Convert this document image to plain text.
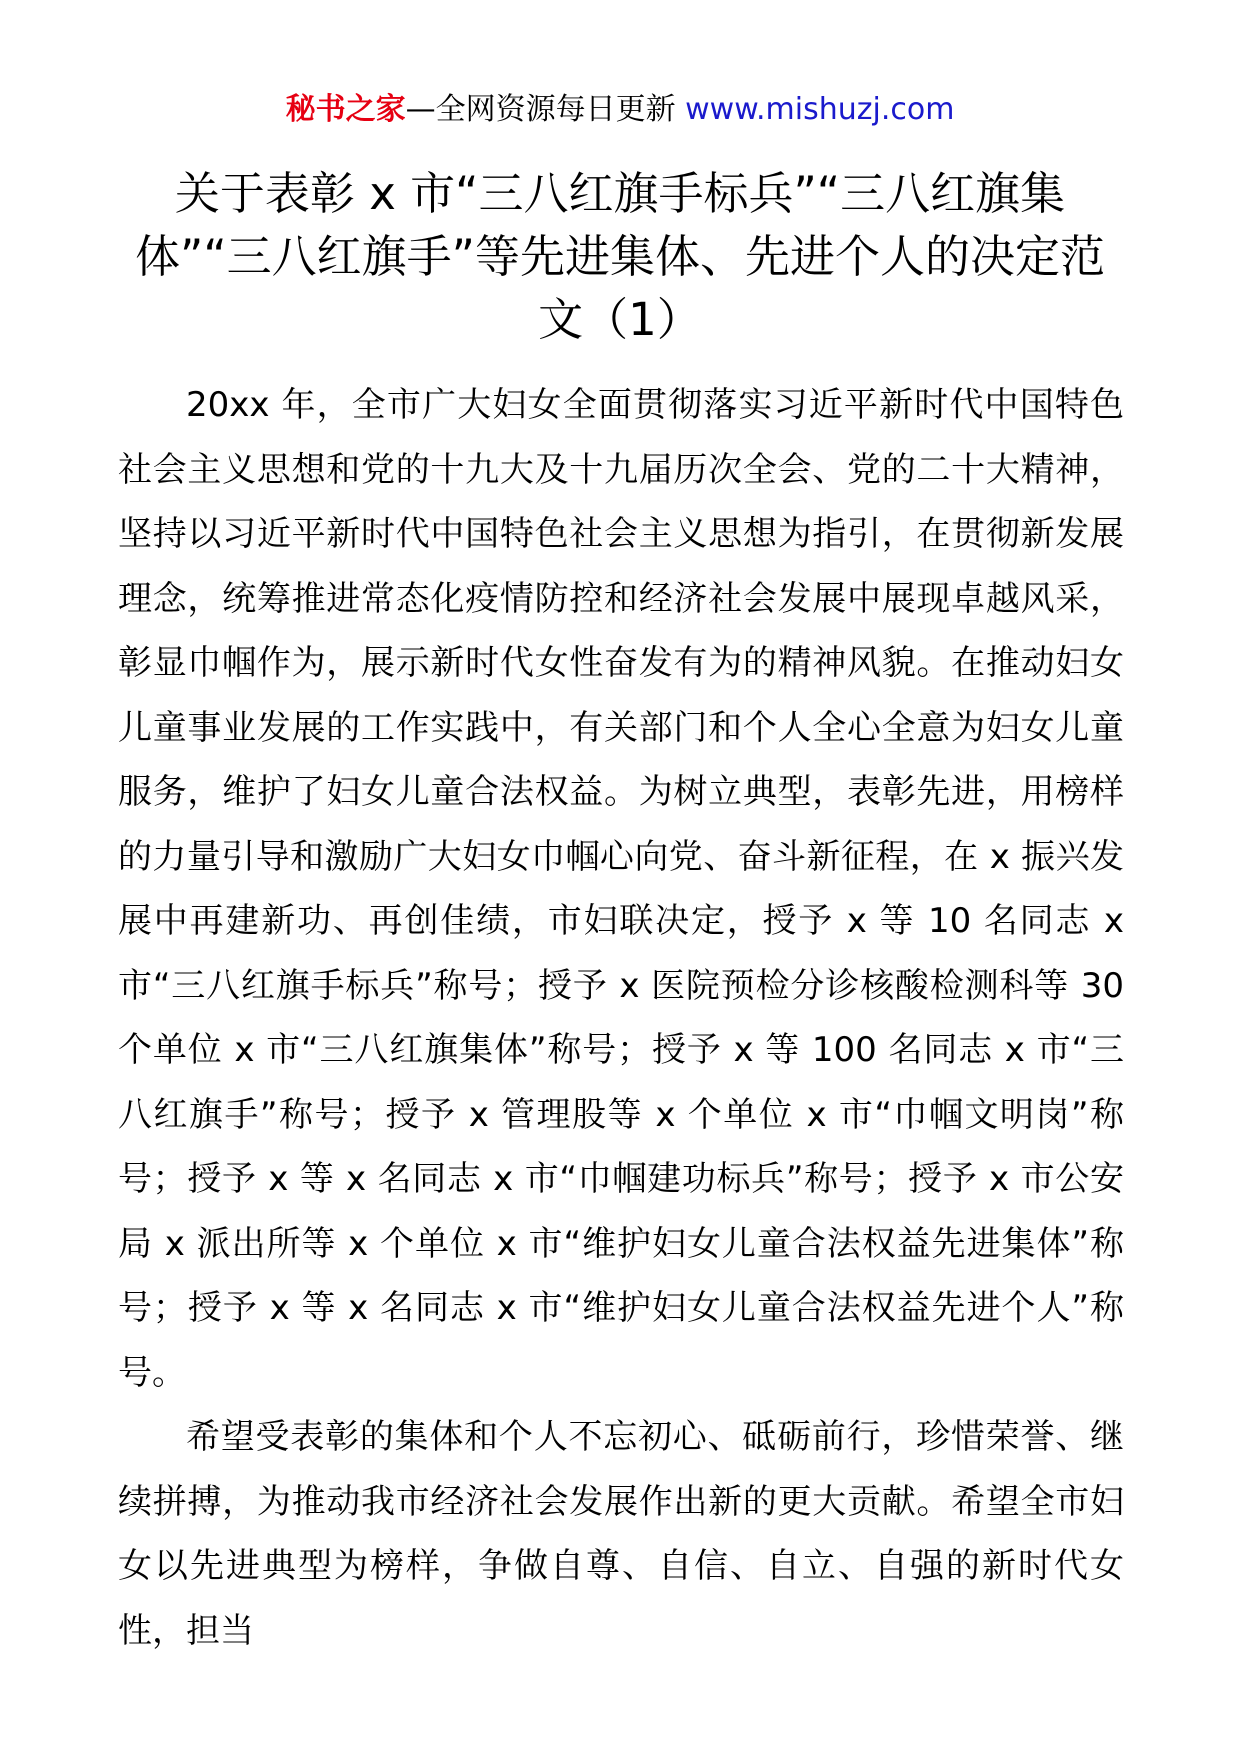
秘书之家—全网资源每日更新 www.mishuzj.com
关于表彰 x 市“三八红旗手标兵”“三八红旗集体”“三八红旗手”等先进集体、先进个人的决定范文（1）

20xx 年，全市广大妇女全面贯彻落实习近平新时代中国特色社会主义思想和党的十九大及十九届历次全会、党的二十大精神，坚持以习近平新时代中国特色社会主义思想为指引，在贯彻新发展理念，统筹推进常态化疫情防控和经济社会发展中展现卓越风采，彰显巾帼作为，展示新时代女性奋发有为的精神风貌。在推动妇女儿童事业发展的工作实践中，有关部门和个人全心全意为妇女儿童服务，维护了妇女儿童合法权益。为树立典型，表彰先进，用榜样的力量引导和激励广大妇女巾帼心向党、奋斗新征程，在 x 振兴发展中再建新功、再创佳绩，市妇联决定，授予 x 等 10 名同志 x 市“三八红旗手标兵”称号；授予 x 医院预检分诊核酸检测科等 30 个单位 x 市“三八红旗集体”称号；授予 x 等 100 名同志 x 市“三八红旗手”称号；授予 x 管理股等 x 个单位 x 市“巾帼文明岗”称号；授予 x 等 x 名同志 x 市“巾帼建功标兵”称号；授予 x 市公安局 x 派出所等 x 个单位 x 市“维护妇女儿童合法权益先进集体”称号；授予 x 等 x 名同志 x 市“维护妇女儿童合法权益先进个人”称号。

希望受表彰的集体和个人不忘初心、砥砺前行，珍惜荣誉、继续拼搏，为推动我市经济社会发展作出新的更大贡献。希望全市妇女以先进典型为榜样，争做自尊、自信、自立、自强的新时代女性，担当
